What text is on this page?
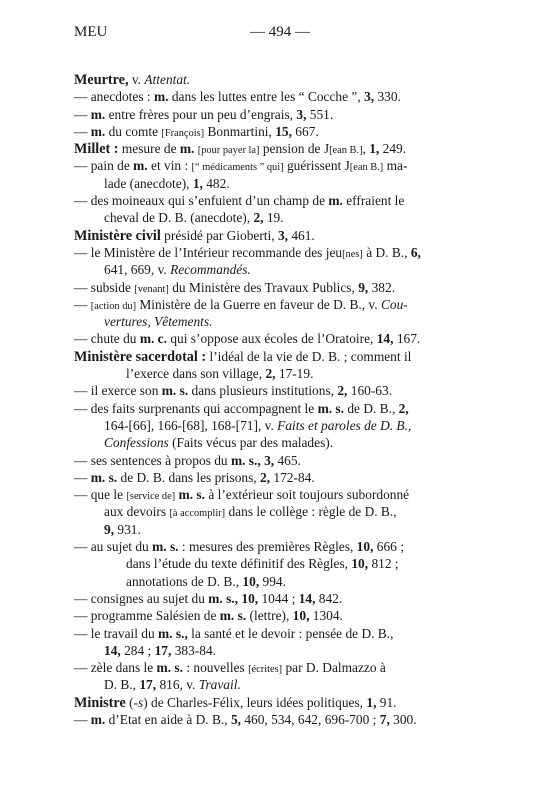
MEU	— 494 —
Meurtre, v. Attentat.
— anecdotes : m. dans les luttes entre les “ Cocche ”, 3, 330.
— m. entre frères pour un peu d’engrais, 3, 551.
— m. du comte [François] Bonmartini, 15, 667.
Millet : mesure de m. [pour payer la] pension de J[ean B.], 1, 249.
— pain de m. et vin : [“ médicaments ” qui] guérissent J[ean B.] ma-
lade (anecdote), 1, 482.
— des moineaux qui s’enfuient d’un champ de m. effraient le
cheval de D. B. (anecdote), 2, 19.
Ministère civil présidé par Gioberti, 3, 461.
— le Ministère de l’Intérieur recommande des jeu[nes] à D. B., 6,
641, 669, v. Recommandés.
— subside [venant] du Ministère des Travaux Publics, 9, 382.
— [action du] Ministère de la Guerre en faveur de D. B., v. Cou-
vertures, Vêtements.
— chute du m. c. qui s’oppose aux écoles de l’Oratoire, 14, 167.
Ministère sacerdotal : l’idéal de la vie de D. B. ; comment il
l’exerce dans son village, 2, 17-19.
— il exerce son m. s. dans plusieurs institutions, 2, 160-63.
— des faits surprenants qui accompagnent le m. s. de D. B., 2,
164-[66], 166-[68], 168-[71], v. Faits et paroles de D. B.,
Confessions (Faits vécus par des malades).
— ses sentences à propos du m. s., 3, 465.
— m. s. de D. B. dans les prisons, 2, 172-84.
— que le [service de] m. s. à l’extérieur soit toujours subordonné
aux devoirs [à accomplir] dans le collège : règle de D. B.,
9, 931.
— au sujet du m. s. : mesures des premières Règles, 10, 666 ;
dans l’étude du texte définitif des Règles, 10, 812 ;
annotations de D. B., 10, 994.
— consignes au sujet du m. s., 10, 1044 ; 14, 842.
— programme Salésien de m. s. (lettre), 10, 1304.
— le travail du m. s., la santé et le devoir : pensée de D. B.,
14, 284 ; 17, 383-84.
— zèle dans le m. s. : nouvelles [écrites] par D. Dalmazzo à
D. B., 17, 816, v. Travail.
Ministre (-s) de Charles-Félix, leurs idées politiques, 1, 91.
— m. d’Etat en aide à D. B., 5, 460, 534, 642, 696-700 ; 7, 300.
